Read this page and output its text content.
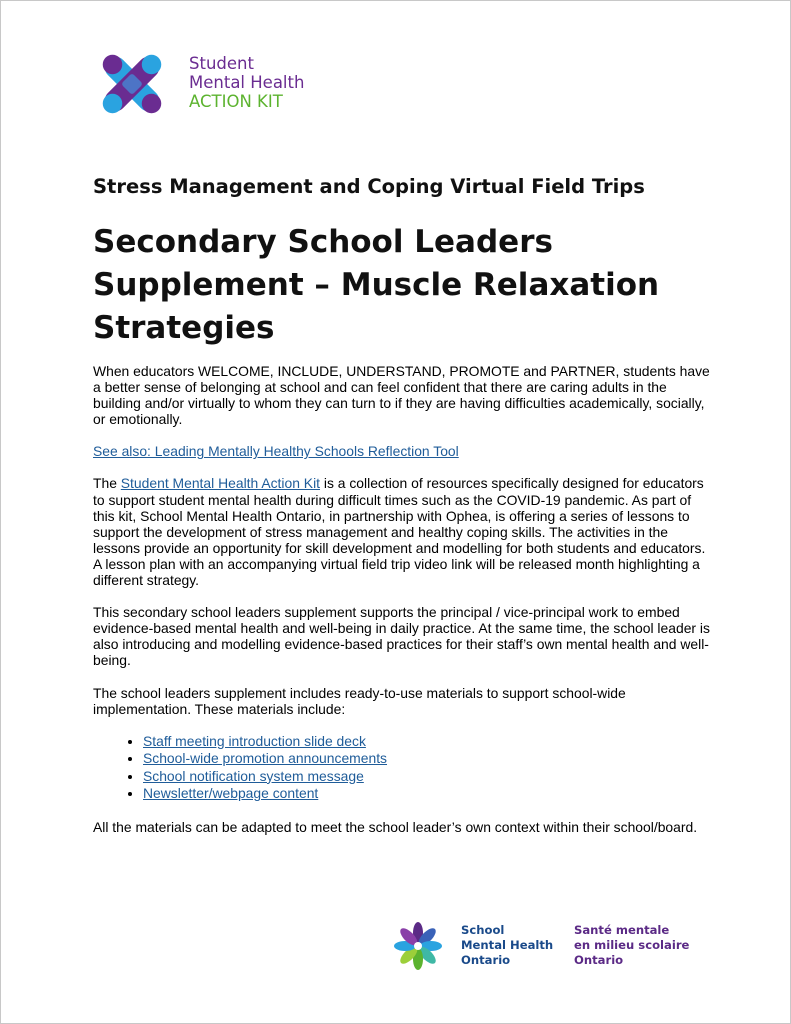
Student
Mental Health
ACTION KIT
Stress Management and Coping Virtual Field Trips
Secondary School Leaders Supplement – Muscle Relaxation Strategies

When educators WELCOME, INCLUDE, UNDERSTAND, PROMOTE and PARTNER, students have a better sense of belonging at school and can feel confident that there are caring adults in the building and/or virtually to whom they can turn to if they are having difficulties academically, socially, or emotionally.

See also: Leading Mentally Healthy Schools Reflection Tool

The Student Mental Health Action Kit is a collection of resources specifically designed for educators to support student mental health during difficult times such as the COVID-19 pandemic. As part of this kit, School Mental Health Ontario, in partnership with Ophea, is offering a series of lessons to support the development of stress management and healthy coping skills. The activities in the lessons provide an opportunity for skill development and modelling for both students and educators. A lesson plan with an accompanying virtual field trip video link will be released month highlighting a different strategy.

This secondary school leaders supplement supports the principal / vice-principal work to embed evidence-based mental health and well-being in daily practice. At the same time, the school leader is also introducing and modelling evidence-based practices for their staff’s own mental health and well-being.

The school leaders supplement includes ready-to-use materials to support school-wide implementation. These materials include:

• Staff meeting introduction slide deck
• School-wide promotion announcements
• School notification system message
• Newsletter/webpage content

All the materials can be adapted to meet the school leader’s own context within their school/board.

School
Mental Health
Ontario
Santé mentale
en milieu scolaire
Ontario
